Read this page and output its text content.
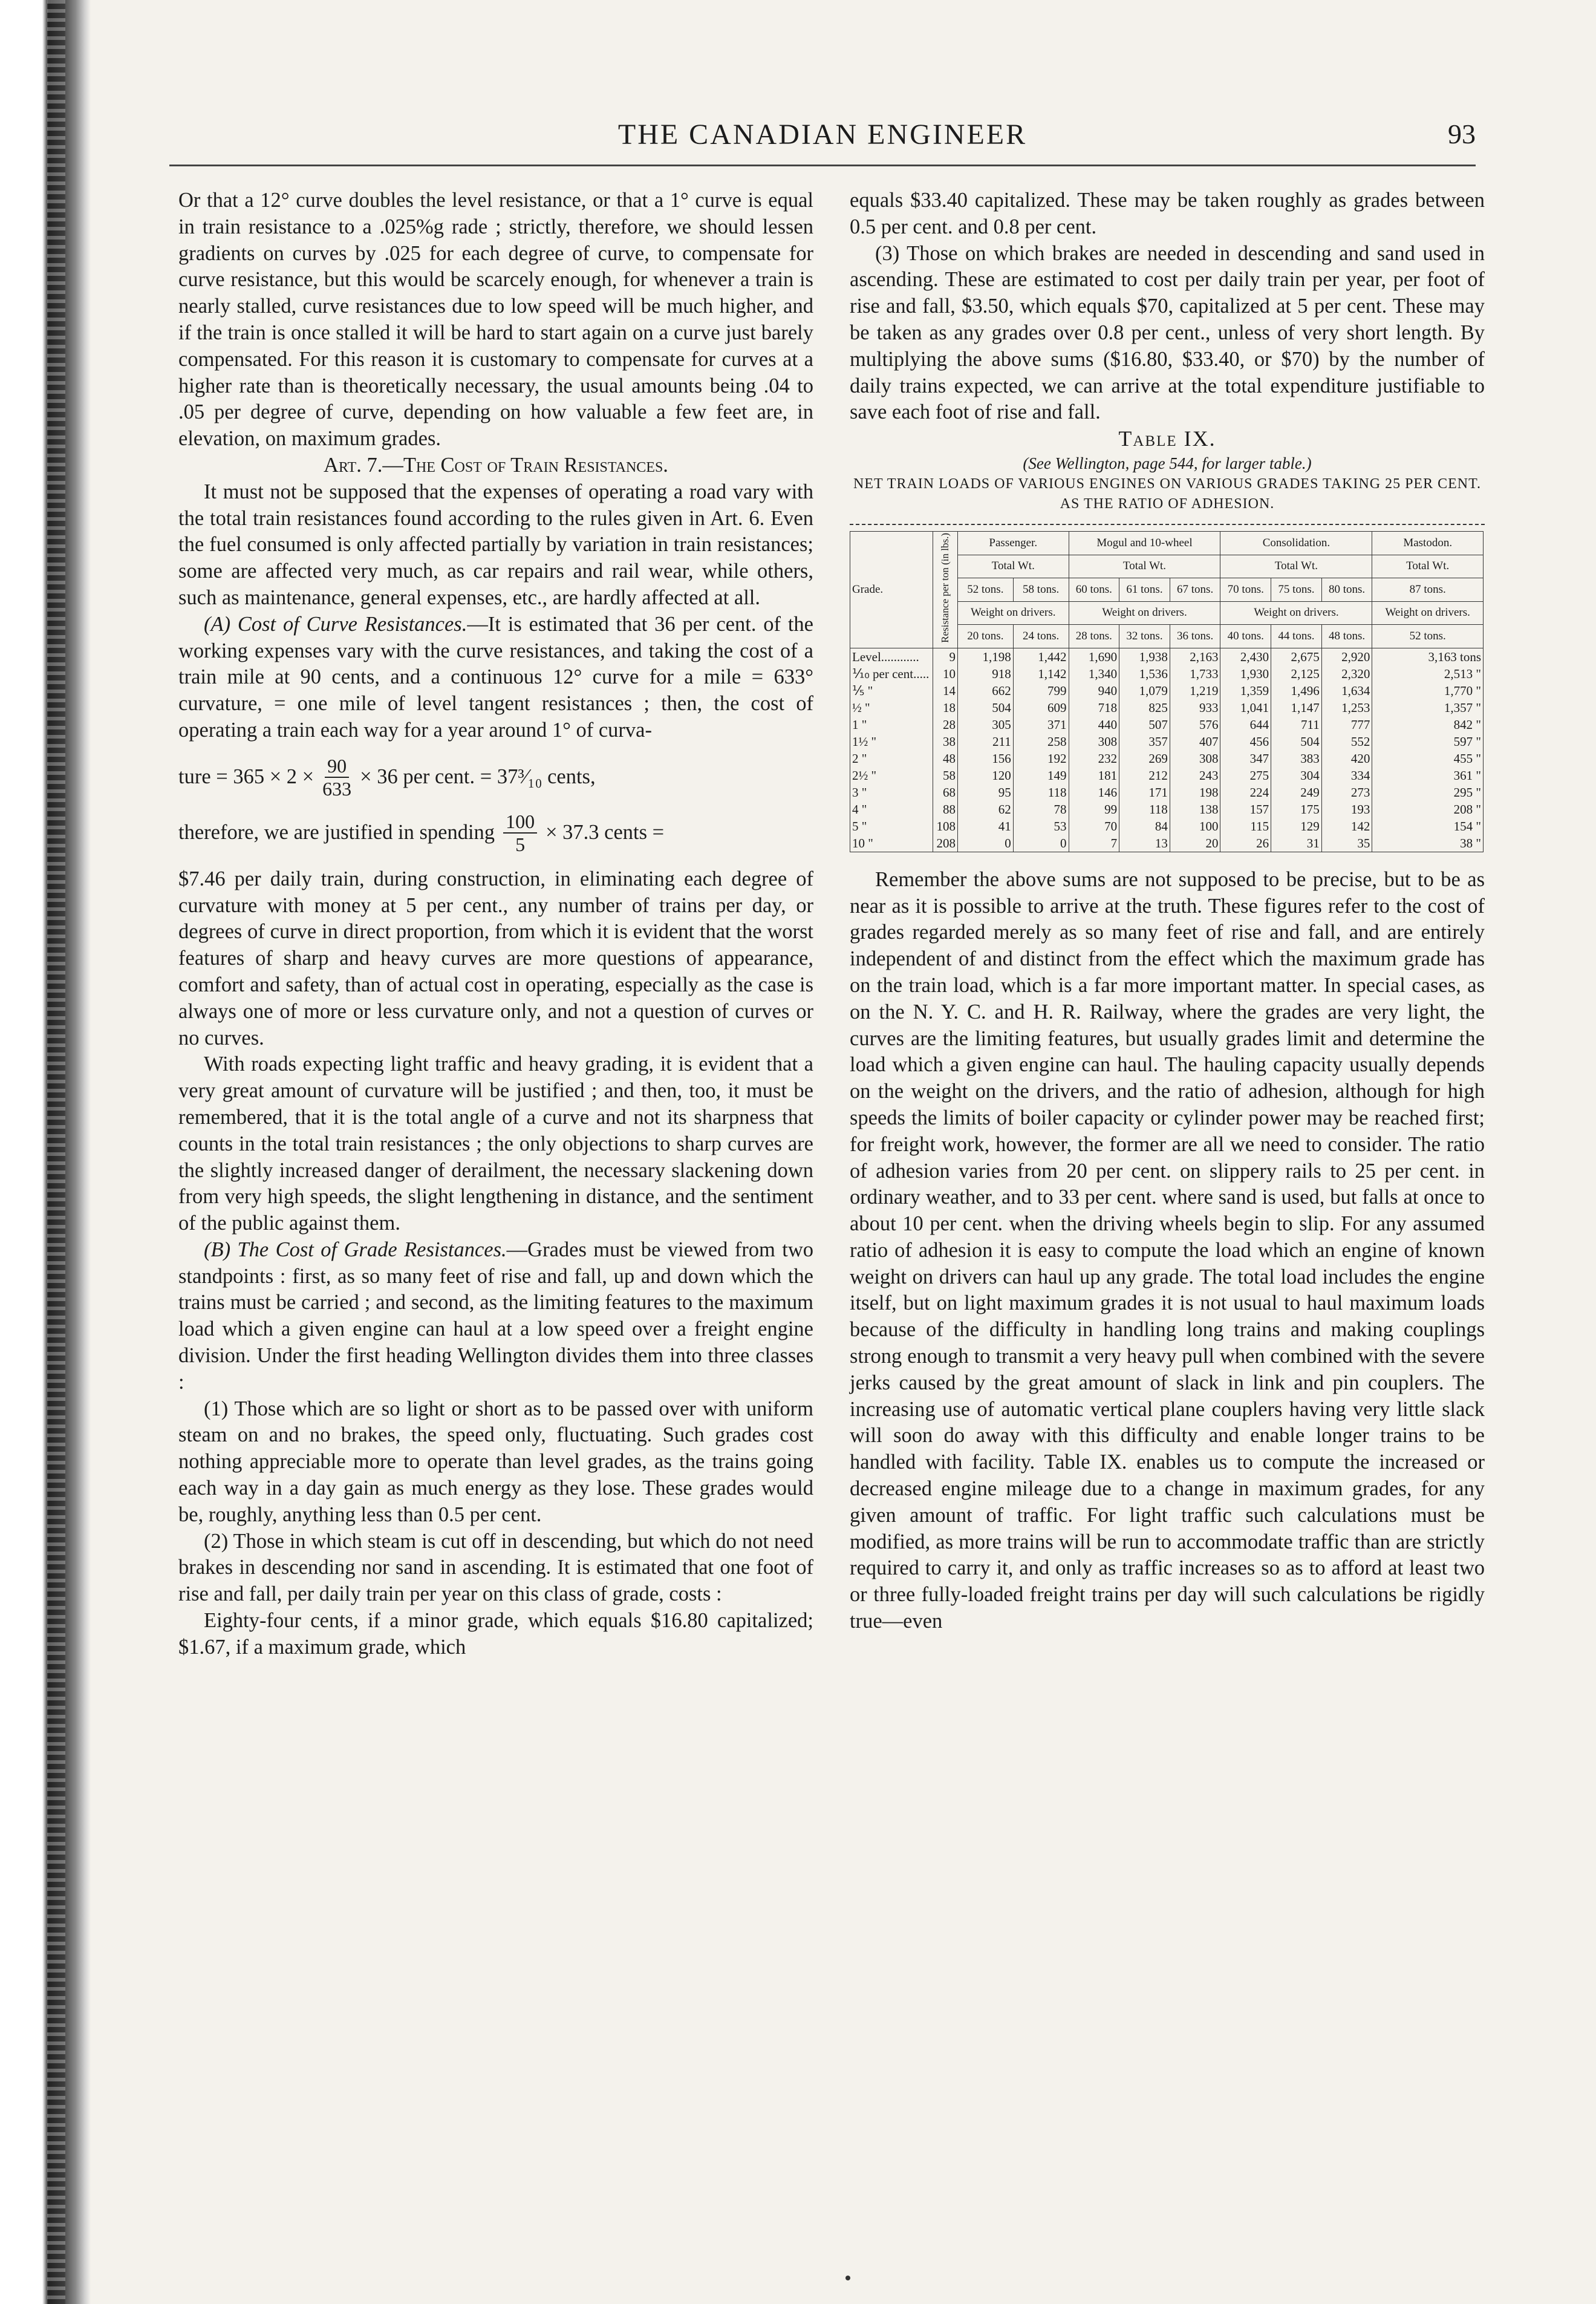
THE CANADIAN ENGINEER	93

Or that a 12° curve doubles the level resistance, or that a 1° curve is equal in train resistance to a .025%g rade ; strictly, therefore, we should lessen gradients on curves by .025 for each degree of curve, to compensate for curve resistance, but this would be scarcely enough, for whenever a train is nearly stalled, curve resistances due to low speed will be much higher, and if the train is once stalled it will be hard to start again on a curve just barely compensated. For this reason it is customary to compensate for curves at a higher rate than is theoretically necessary, the usual amounts being .04 to .05 per degree of curve, depending on how valuable a few feet are, in elevation, on maximum grades.

Art. 7.—The Cost of Train Resistances.

It must not be supposed that the expenses of operating a road vary with the total train resistances found according to the rules given in Art. 6. Even the fuel consumed is only affected partially by variation in train resistances; some are affected very much, as car repairs and rail wear, while others, such as maintenance, general expenses, etc., are hardly affected at all.

(A) Cost of Curve Resistances.—It is estimated that 36 per cent. of the working expenses vary with the curve resistances, and taking the cost of a train mile at 90 cents, and a continuous 12° curve for a mile = 633° curvature, = one mile of level tangent resistances ; then, the cost of operating a train each way for a year around 1° of curva-

ture = $365 \times 2 \times \frac{90}{633} \times 36$ per cent. = 37³⁄₁₀ cents,
therefore, we are justified in spending $\frac{100}{5} \times 37.3$ cents =

$7.46 per daily train, during construction, in eliminating each degree of curvature with money at 5 per cent., any number of trains per day, or degrees of curve in direct proportion, from which it is evident that the worst features of sharp and heavy curves are more questions of appearance, comfort and safety, than of actual cost in operating, especially as the case is always one of more or less curvature only, and not a question of curves or no curves.

With roads expecting light traffic and heavy grading, it is evident that a very great amount of curvature will be justified ; and then, too, it must be remembered, that it is the total angle of a curve and not its sharpness that counts in the total train resistances ; the only objections to sharp curves are the slightly increased danger of derailment, the necessary slackening down from very high speeds, the slight lengthening in distance, and the sentiment of the public against them.

(B) The Cost of Grade Resistances.—Grades must be viewed from two standpoints : first, as so many feet of rise and fall, up and down which the trains must be carried ; and second, as the limiting features to the maximum load which a given engine can haul at a low speed over a freight engine division. Under the first heading Wellington divides them into three classes :

(1) Those which are so light or short as to be passed over with uniform steam on and no brakes, the speed only, fluctuating. Such grades cost nothing appreciable more to operate than level grades, as the trains going each way in a day gain as much energy as they lose. These grades would be, roughly, anything less than 0.5 per cent.

(2) Those in which steam is cut off in descending, but which do not need brakes in descending nor sand in ascending. It is estimated that one foot of rise and fall, per daily train per year on this class of grade, costs :

Eighty-four cents, if a minor grade, which equals $16.80 capitalized; $1.67, if a maximum grade, which

equals $33.40 capitalized. These may be taken roughly as grades between 0.5 per cent. and 0.8 per cent.

(3) Those on which brakes are needed in descending and sand used in ascending. These are estimated to cost per daily train per year, per foot of rise and fall, $3.50, which equals $70, capitalized at 5 per cent. These may be taken as any grades over 0.8 per cent., unless of very short length. By multiplying the above sums ($16.80, $33.40, or $70) by the number of daily trains expected, we can arrive at the total expenditure justifiable to save each foot of rise and fall.

Table IX.

(See Wellington, page 544, for larger table.)

NET TRAIN LOADS OF VARIOUS ENGINES ON VARIOUS GRADES TAKING 25 PER CENT. AS THE RATIO OF ADHESION.

Grade.	Resistance per ton (in lbs.)	Passenger.		Mogul and 10-wheel			Consolidation.			Mastodon.
		Total Wt.		Total Wt.			Total Wt.			Total Wt.
		52 tons.	58 tons.	60 tons.	61 tons.	67 tons.	70 tons.	75 tons.	80 tons.	87 tons.
		Weight on drivers.		Weight on drivers.			Weight on drivers.			Weight on drivers.
		20 tons.	24 tons.	28 tons.	32 tons.	36 tons.	40 tons.	44 tons.	48 tons.	52 tons.
Level............	9	1,198	1,442	1,690	1,938	2,163	2,430	2,675	2,920	3,163 tons
⅒ per cent.....	10	918	1,142	1,340	1,536	1,733	1,930	2,125	2,320	2,513 "
⅕ "	14	662	799	940	1,079	1,219	1,359	1,496	1,634	1,770 "
½ "	18	504	609	718	825	933	1,041	1,147	1,253	1,357 "
1 "	28	305	371	440	507	576	644	711	777	842 "
1½ "	38	211	258	308	357	407	456	504	552	597 "
2 "	48	156	192	232	269	308	347	383	420	455 "
2½ "	58	120	149	181	212	243	275	304	334	361 "
3 "	68	95	118	146	171	198	224	249	273	295 "
4 "	88	62	78	99	118	138	157	175	193	208 "
5 "	108	41	53	70	84	100	115	129	142	154 "
10 "	208	0	0	7	13	20	26	31	35	38 "

Remember the above sums are not supposed to be precise, but to be as near as it is possible to arrive at the truth. These figures refer to the cost of grades regarded merely as so many feet of rise and fall, and are entirely independent of and distinct from the effect which the maximum grade has on the train load, which is a far more important matter. In special cases, as on the N. Y. C. and H. R. Railway, where the grades are very light, the curves are the limiting features, but usually grades limit and determine the load which a given engine can haul. The hauling capacity usually depends on the weight on the drivers, and the ratio of adhesion, although for high speeds the limits of boiler capacity or cylinder power may be reached first; for freight work, however, the former are all we need to consider. The ratio of adhesion varies from 20 per cent. on slippery rails to 25 per cent. in ordinary weather, and to 33 per cent. where sand is used, but falls at once to about 10 per cent. when the driving wheels begin to slip. For any assumed ratio of adhesion it is easy to compute the load which an engine of known weight on drivers can haul up any grade. The total load includes the engine itself, but on light maximum grades it is not usual to haul maximum loads because of the difficulty in handling long trains and making couplings strong enough to transmit a very heavy pull when combined with the severe jerks caused by the great amount of slack in link and pin couplers. The increasing use of automatic vertical plane couplers having very little slack will soon do away with this difficulty and enable longer trains to be handled with facility. Table IX. enables us to compute the increased or decreased engine mileage due to a change in maximum grades, for any given amount of traffic. For light traffic such calculations must be modified, as more trains will be run to accommodate traffic than are strictly required to carry it, and only as traffic increases so as to afford at least two or three fully-loaded freight trains per day will such calculations be rigidly true—even
